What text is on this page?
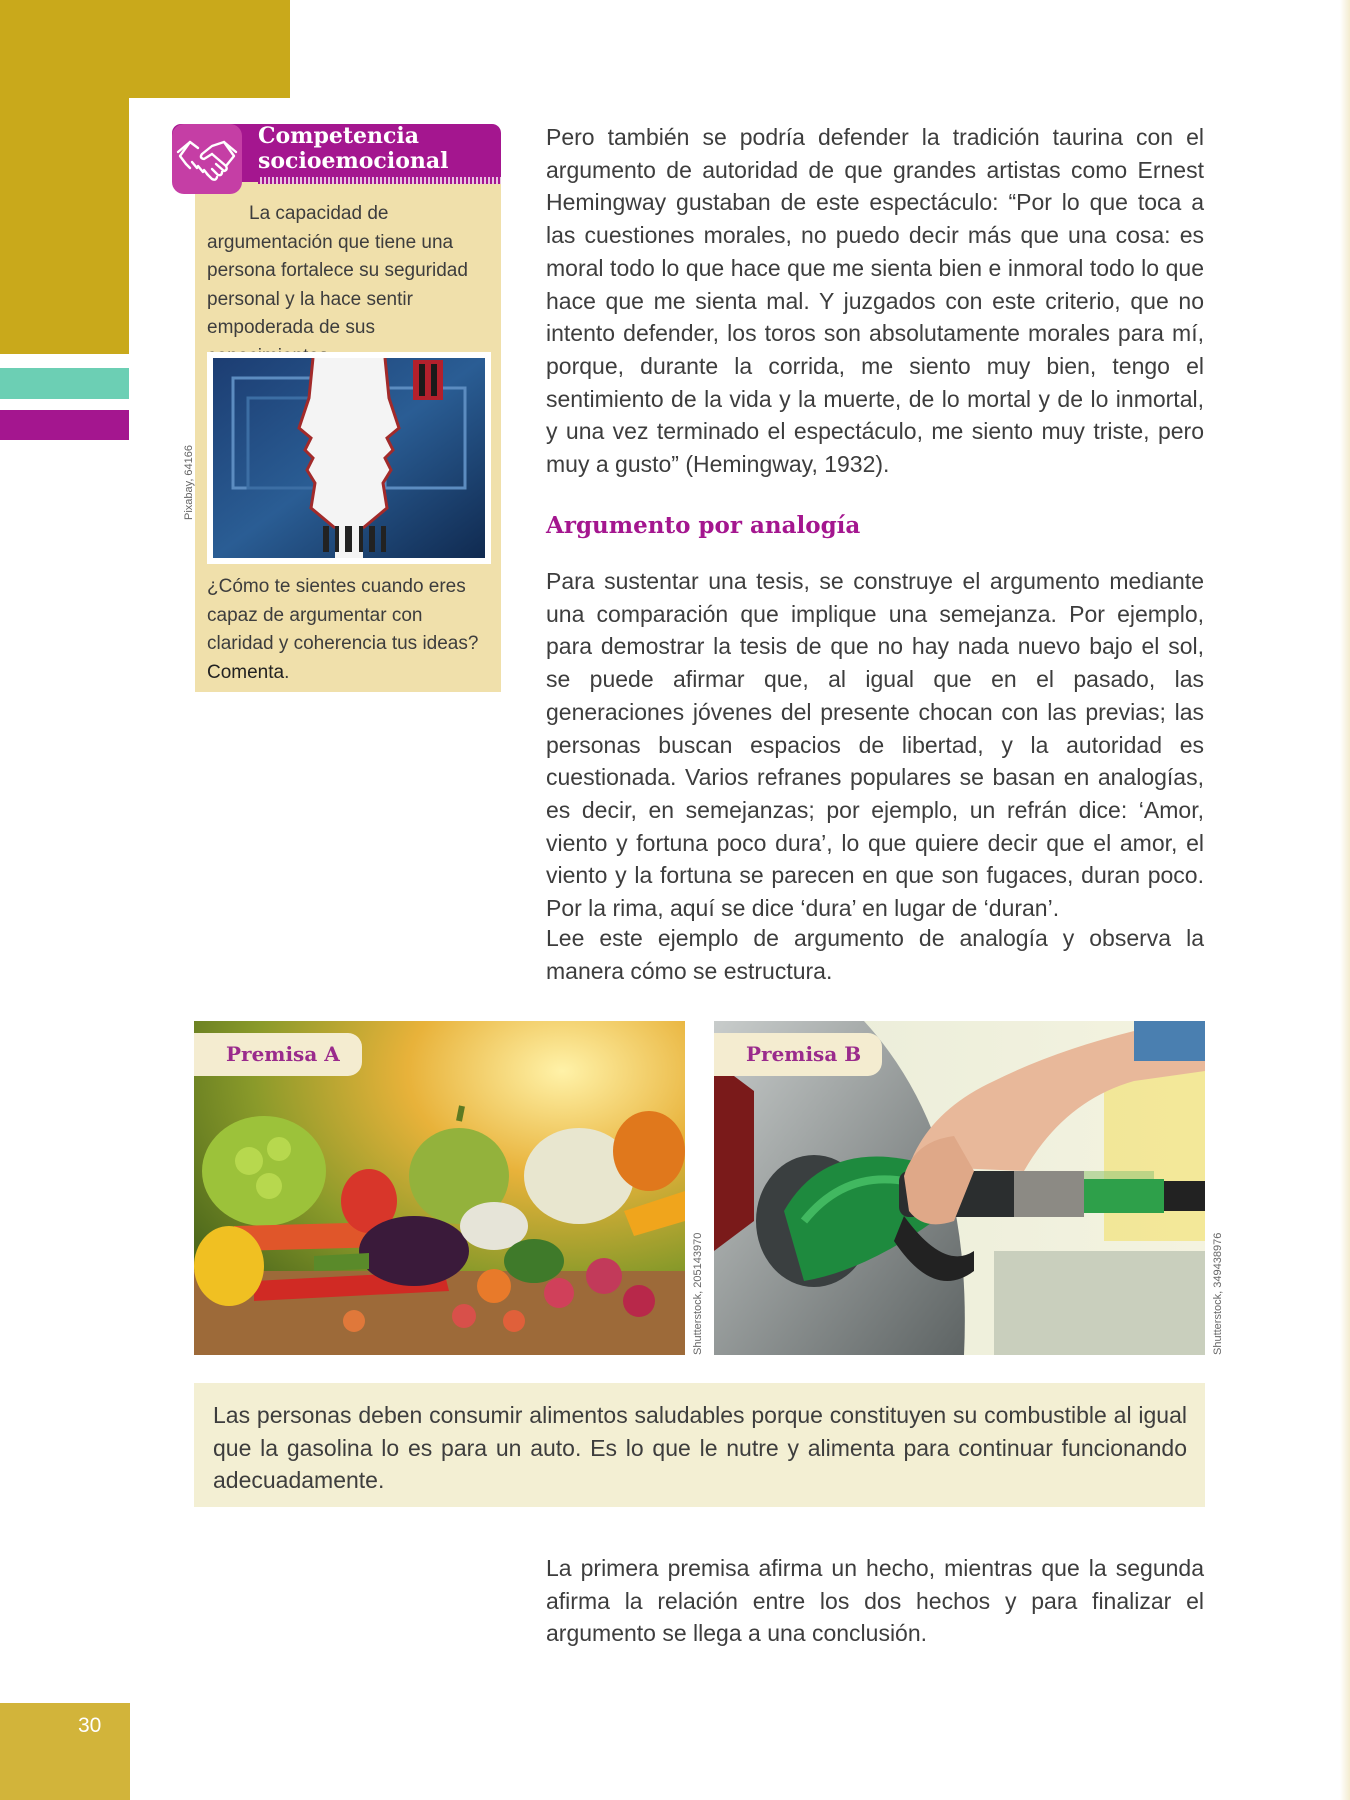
30
Competencia
socioemocional
La capacidad de argumentación que tiene una persona fortalece su seguridad personal y la hace sentir empoderada de sus
Pixabay, 64166
¿Cómo te sientes cuando eres capaz de argumentar con claridad y coherencia tus ideas? Comenta.
Pero también se podría defender la tradición taurina con el argumento de autoridad de que grandes artistas como Ernest Hemingway gustaban de este espectáculo: “Por lo que toca a las cuestiones morales, no puedo decir más que una cosa: es moral todo lo que hace que me sienta bien e inmoral todo lo que hace que me sienta mal. Y juzgados con este criterio, que no intento defender, los toros son absolutamente morales para mí, porque, durante la corrida, me siento muy bien, tengo el sentimiento de la vida y la muerte, de lo mortal y de lo inmortal, y una vez terminado el espectáculo, me siento muy triste, pero muy a gusto” (Hemingway, 1932).
Argumento por analogía
Para sustentar una tesis, se construye el argumento mediante una comparación que implique una semejanza. Por ejemplo, para demostrar la tesis de que no hay nada nuevo bajo el sol, se puede afirmar que, al igual que en el pasado, las generaciones jóvenes del presente chocan con las previas; las personas buscan espacios de libertad, y la autoridad es cuestionada. Varios refranes populares se basan en analogías, es decir, en semejanzas; por ejemplo, un refrán dice: ‘Amor, viento y fortuna poco dura’, lo que quiere decir que el amor, el viento y la fortuna se parecen en que son fugaces, duran poco. Por la rima, aquí se dice ‘dura’ en lugar de ‘duran’.
Lee este ejemplo de argumento de analogía y observa la manera cómo se estructura.
Premisa A
Shutterstock, 205143970
Premisa B
Shutterstock, 349438976
Las personas deben consumir alimentos saludables porque constituyen su combustible al igual que la gasolina lo es para un auto. Es lo que le nutre y alimenta para continuar funcionando adecuadamente.
La primera premisa afirma un hecho, mientras que la segunda afirma la relación entre los dos hechos y para finalizar el argumento se llega a una conclusión.
